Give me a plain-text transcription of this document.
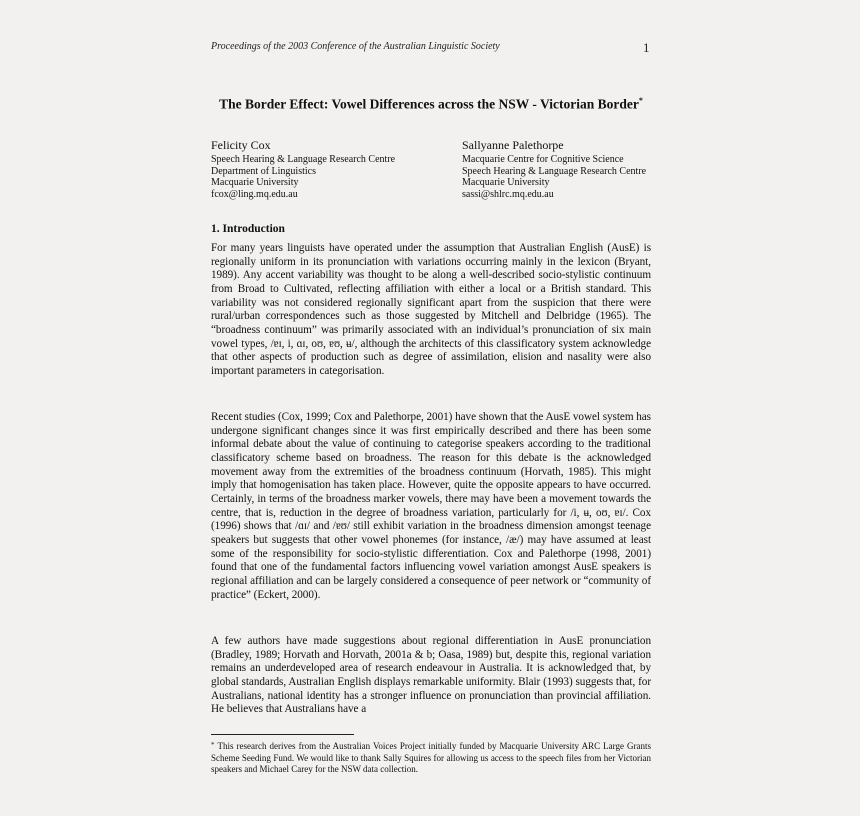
Proceedings of the 2003 Conference of the Australian Linguistic Society	1
The Border Effect: Vowel Differences across the NSW - Victorian Border*
Felicity Cox
Speech Hearing & Language Research Centre
Department of Linguistics
Macquarie University
fcox@ling.mq.edu.au
Sallyanne Palethorpe
Macquarie Centre for Cognitive Science
Speech Hearing & Language Research Centre
Macquarie University
sassi@shlrc.mq.edu.au
1. Introduction

For many years linguists have operated under the assumption that Australian English (AusE) is regionally uniform in its pronunciation with variations occurring mainly in the lexicon (Bryant, 1989). Any accent variability was thought to be along a well-described socio-stylistic continuum from Broad to Cultivated, reflecting affiliation with either a local or a British standard. This variability was not considered regionally significant apart from the suspicion that there were rural/urban correspondences such as those suggested by Mitchell and Delbridge (1965). The “broadness continuum” was primarily associated with an individual’s pronunciation of six main vowel types, /ɐɪ, i, ɑɪ, oʊ, ɐʊ, ʉ/, although the architects of this classificatory system acknowledge that other aspects of production such as degree of assimilation, elision and nasality were also important parameters in categorisation.

Recent studies (Cox, 1999; Cox and Palethorpe, 2001) have shown that the AusE vowel system has undergone significant changes since it was first empirically described and there has been some informal debate about the value of continuing to categorise speakers according to the traditional classificatory scheme based on broadness. The reason for this debate is the acknowledged movement away from the extremities of the broadness continuum (Horvath, 1985). This might imply that homogenisation has taken place. However, quite the opposite appears to have occurred. Certainly, in terms of the broadness marker vowels, there may have been a movement towards the centre, that is, reduction in the degree of broadness variation, particularly for /i, ʉ, oʊ, ɐɪ/. Cox (1996) shows that /ɑɪ/ and /ɐʊ/ still exhibit variation in the broadness dimension amongst teenage speakers but suggests that other vowel phonemes (for instance, /æ/) may have assumed at least some of the responsibility for socio-stylistic differentiation. Cox and Palethorpe (1998, 2001) found that one of the fundamental factors influencing vowel variation amongst AusE speakers is regional affiliation and can be largely considered a consequence of peer network or “community of practice” (Eckert, 2000).

A few authors have made suggestions about regional differentiation in AusE pronunciation (Bradley, 1989; Horvath and Horvath, 2001a & b; Oasa, 1989) but, despite this, regional variation remains an underdeveloped area of research endeavour in Australia. It is acknowledged that, by global standards, Australian English displays remarkable uniformity. Blair (1993) suggests that, for Australians, national identity has a stronger influence on pronunciation than provincial affiliation. He believes that Australians have a

* This research derives from the Australian Voices Project initially funded by Macquarie University ARC Large Grants Scheme Seeding Fund. We would like to thank Sally Squires for allowing us access to the speech files from her Victorian speakers and Michael Carey for the NSW data collection.
